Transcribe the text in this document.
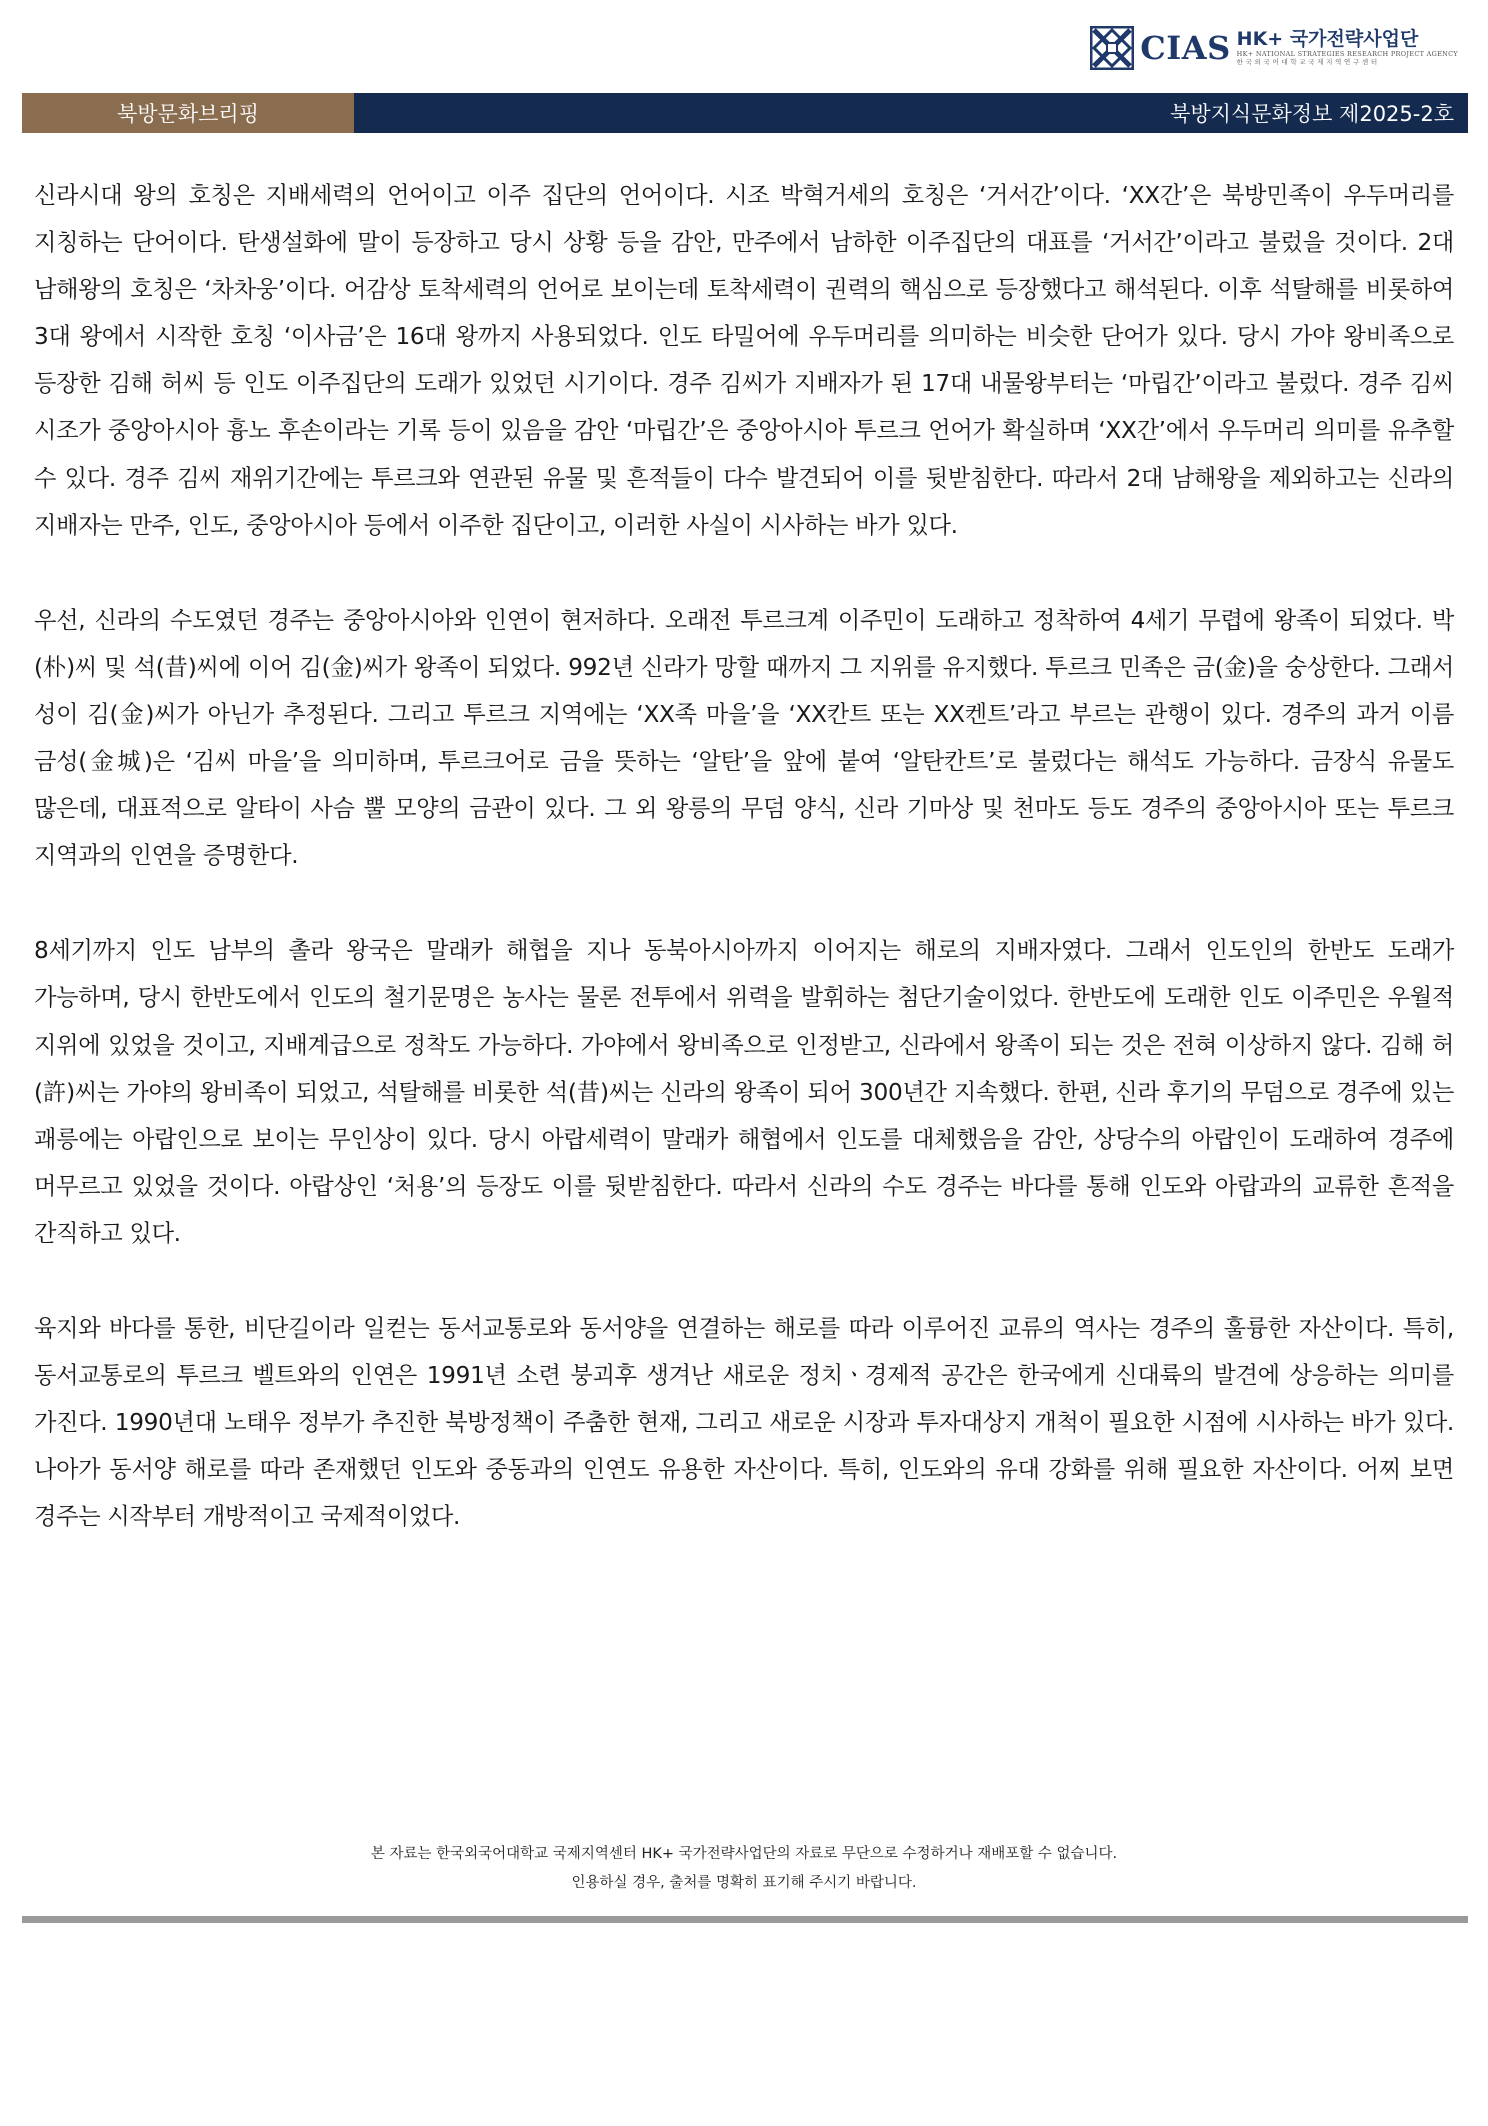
CIAS HK+ 국가전략사업단
HK+ NATIONAL STRATEGIES RESEARCH PROJECT AGENCY
한 국 외 국 어 대 학 교 국 제 지 역 연 구 센 터
북방문화브리핑	북방지식문화정보 제2025-2호

신라시대 왕의 호칭은 지배세력의 언어이고 이주 집단의 언어이다. 시조 박혁거세의 호칭은 ‘거서간’이다. ‘XX간’은 북방민족이 우두머리를 지칭하는 단어이다. 탄생설화에 말이 등장하고 당시 상황 등을 감안, 만주에서 남하한 이주집단의 대표를 ‘거서간’이라고 불렀을 것이다. 2대 남해왕의 호칭은 ‘차차웅’이다. 어감상 토착세력의 언어로 보이는데 토착세력이 권력의 핵심으로 등장했다고 해석된다. 이후 석탈해를 비롯하여 3대 왕에서 시작한 호칭 ‘이사금’은 16대 왕까지 사용되었다. 인도 타밀어에 우두머리를 의미하는 비슷한 단어가 있다. 당시 가야 왕비족으로 등장한 김해 허씨 등 인도 이주집단의 도래가 있었던 시기이다. 경주 김씨가 지배자가 된 17대 내물왕부터는 ‘마립간’이라고 불렀다. 경주 김씨 시조가 중앙아시아 흉노 후손이라는 기록 등이 있음을 감안 ‘마립간’은 중앙아시아 투르크 언어가 확실하며 ‘XX간’에서 우두머리 의미를 유추할 수 있다. 경주 김씨 재위기간에는 투르크와 연관된 유물 및 흔적들이 다수 발견되어 이를 뒷받침한다. 따라서 2대 남해왕을 제외하고는 신라의 지배자는 만주, 인도, 중앙아시아 등에서 이주한 집단이고, 이러한 사실이 시사하는 바가 있다.

우선, 신라의 수도였던 경주는 중앙아시아와 인연이 현저하다. 오래전 투르크계 이주민이 도래하고 정착하여 4세기 무렵에 왕족이 되었다. 박(朴)씨 및 석(昔)씨에 이어 김(金)씨가 왕족이 되었다. 992년 신라가 망할 때까지 그 지위를 유지했다. 투르크 민족은 금(金)을 숭상한다. 그래서 성이 김(金)씨가 아닌가 추정된다. 그리고 투르크 지역에는 ‘XX족 마을’을 ‘XX칸트 또는 XX켄트’라고 부르는 관행이 있다. 경주의 과거 이름 금성(金城)은 ‘김씨 마을’을 의미하며, 투르크어로 금을 뜻하는 ‘알탄’을 앞에 붙여 ‘알탄칸트’로 불렀다는 해석도 가능하다. 금장식 유물도 많은데, 대표적으로 알타이 사슴 뿔 모양의 금관이 있다. 그 외 왕릉의 무덤 양식, 신라 기마상 및 천마도 등도 경주의 중앙아시아 또는 투르크 지역과의 인연을 증명한다.

8세기까지 인도 남부의 촐라 왕국은 말래카 해협을 지나 동북아시아까지 이어지는 해로의 지배자였다. 그래서 인도인의 한반도 도래가 가능하며, 당시 한반도에서 인도의 철기문명은 농사는 물론 전투에서 위력을 발휘하는 첨단기술이었다. 한반도에 도래한 인도 이주민은 우월적 지위에 있었을 것이고, 지배계급으로 정착도 가능하다. 가야에서 왕비족으로 인정받고, 신라에서 왕족이 되는 것은 전혀 이상하지 않다. 김해 허(許)씨는 가야의 왕비족이 되었고, 석탈해를 비롯한 석(昔)씨는 신라의 왕족이 되어 300년간 지속했다. 한편, 신라 후기의 무덤으로 경주에 있는 괘릉에는 아랍인으로 보이는 무인상이 있다. 당시 아랍세력이 말래카 해협에서 인도를 대체했음을 감안, 상당수의 아랍인이 도래하여 경주에 머무르고 있었을 것이다. 아랍상인 ‘처용’의 등장도 이를 뒷받침한다. 따라서 신라의 수도 경주는 바다를 통해 인도와 아랍과의 교류한 흔적을 간직하고 있다.

육지와 바다를 통한, 비단길이라 일컫는 동서교통로와 동서양을 연결하는 해로를 따라 이루어진 교류의 역사는 경주의 훌륭한 자산이다. 특히, 동서교통로의 투르크 벨트와의 인연은 1991년 소련 붕괴후 생겨난 새로운 정치ㆍ경제적 공간은 한국에게 신대륙의 발견에 상응하는 의미를 가진다. 1990년대 노태우 정부가 추진한 북방정책이 주춤한 현재, 그리고 새로운 시장과 투자대상지 개척이 필요한 시점에 시사하는 바가 있다. 나아가 동서양 해로를 따라 존재했던 인도와 중동과의 인연도 유용한 자산이다. 특히, 인도와의 유대 강화를 위해 필요한 자산이다. 어찌 보면 경주는 시작부터 개방적이고 국제적이었다.

본 자료는 한국외국어대학교 국제지역센터 HK+ 국가전략사업단의 자료로 무단으로 수정하거나 재배포할 수 없습니다.
인용하실 경우, 출처를 명확히 표기해 주시기 바랍니다.
